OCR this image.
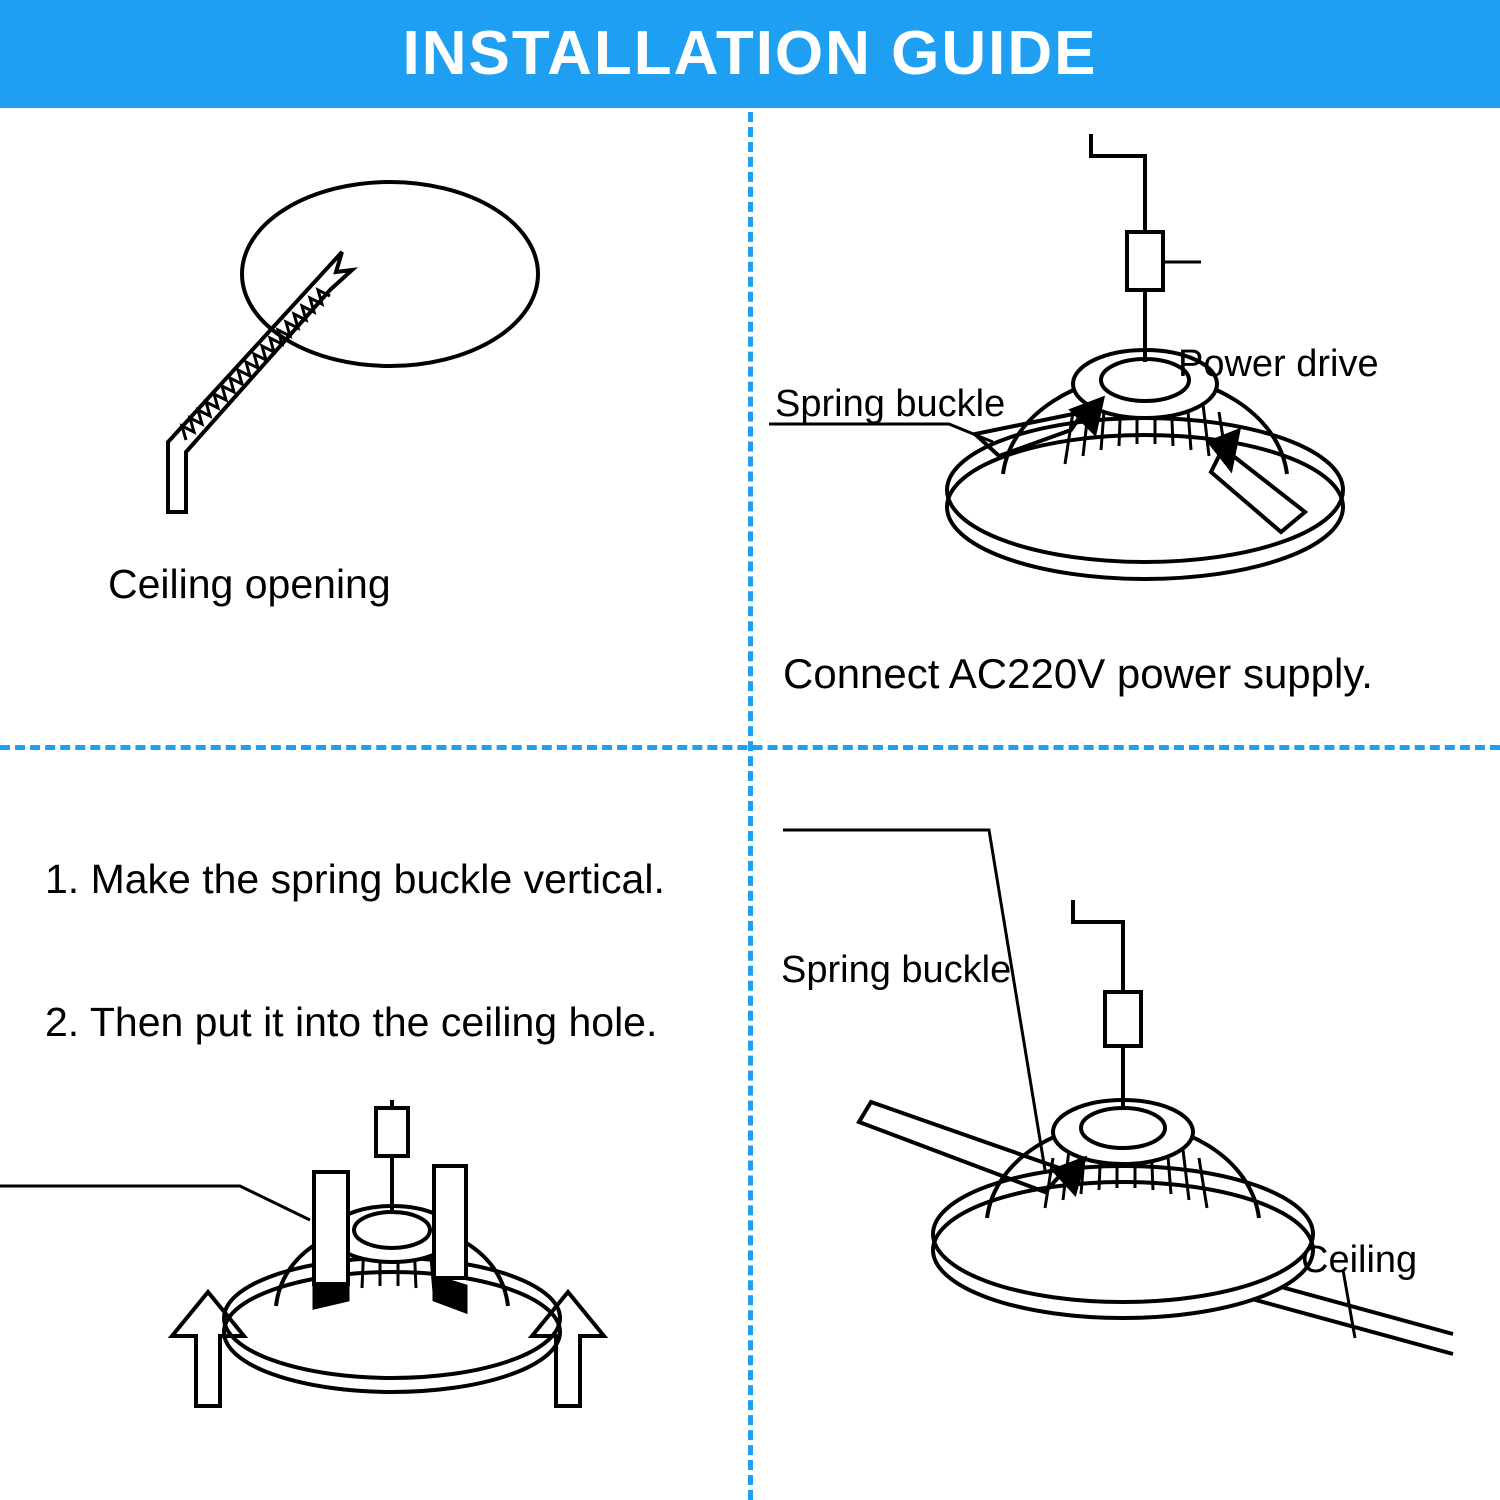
INSTALLATION GUIDE
Ceiling opening
Spring buckle
Power drive
Connect AC220V power supply.
1. Make the spring buckle vertical.
2. Then put it into the ceiling hole.
Spring buckle
Ceiling
